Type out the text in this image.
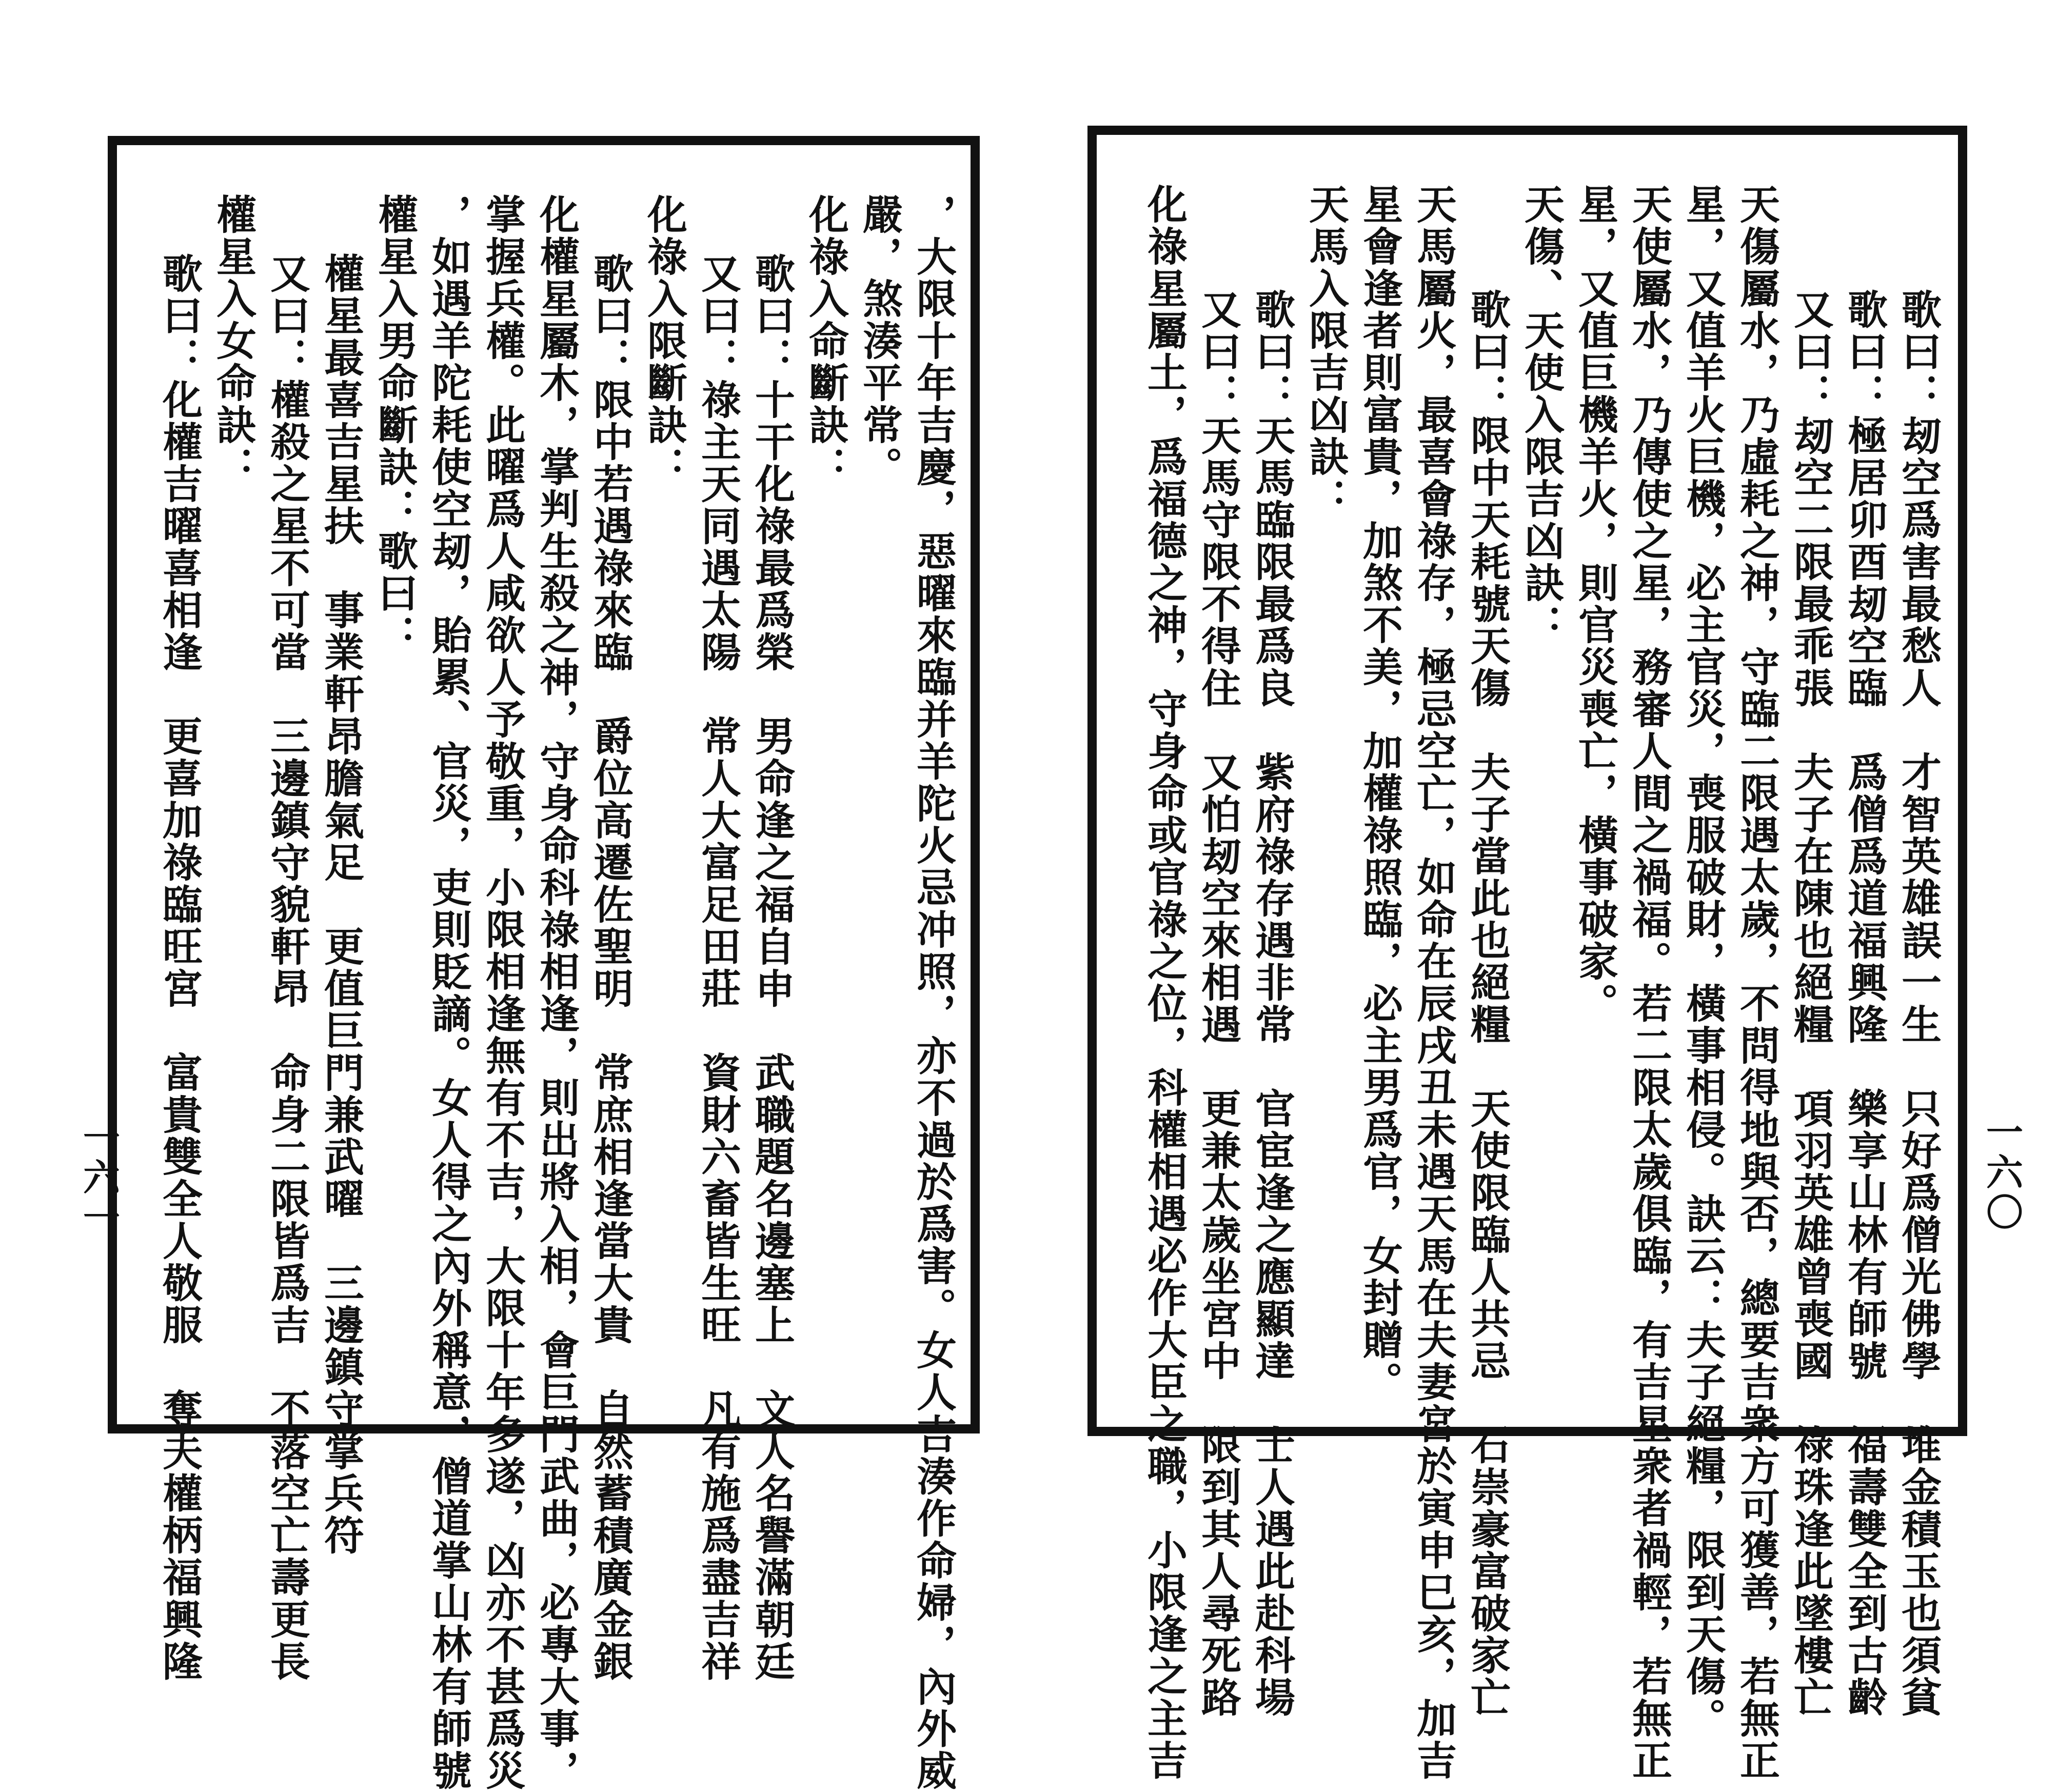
，大限十年吉慶，惡曜來臨并羊陀火忌冲照，亦不過於爲害。女人吉湊作命婦，內外威
嚴，煞湊平常。
化祿入命斷訣：
歌曰：十干化祿最爲榮　男命逢之福自申　武職題名邊塞上　文人名譽滿朝廷
又曰：祿主天同遇太陽　常人大富足田莊　資財六畜皆生旺　凡有施爲盡吉祥
化祿入限斷訣：
歌曰：限中若遇祿來臨　爵位高遷佐聖明　常庶相逢當大貴　自然蓄積廣金銀
化權星屬木，掌判生殺之神，守身命科祿相逢，則出將入相，會巨門武曲，必專大事，
掌握兵權。此曜爲人咸欲人予敬重，小限相逢無有不吉，大限十年多遂，凶亦不甚爲災
，如遇羊陀耗使空刼，貽累、官災，吏則貶謫。女人得之內外稱意，僧道掌山林有師號
權星入男命斷訣：歌曰：
權星最喜吉星扶　事業軒昂膽氣足　更值巨門兼武曜　三邊鎮守掌兵符
又曰：權殺之星不可當　三邊鎮守貌軒昂　命身二限皆爲吉　不落空亡壽更長
權星入女命訣：
歌曰：化權吉曜喜相逢　更喜加祿臨旺宮　富貴雙全人敬服　奪夫權柄福興隆
一六一	歌曰：刼空爲害最愁人　才智英雄誤一生　只好爲僧光佛學　堆金積玉也須貧
歌曰：極居卯酉刼空臨　爲僧爲道福興隆　樂享山林有師號　福壽雙全到古齡
又曰：刼空二限最乖張　夫子在陳也絕糧　項羽英雄曾喪國　祿珠逢此墜樓亡
天傷屬水，乃虛耗之神，守臨二限遇太歲，不問得地與否，總要吉衆方可獲善，若無正
星，又值羊火巨機，必主官災，喪服破財，橫事相侵。訣云：夫子絕糧，限到天傷。
天使屬水，乃傳使之星，務審人間之禍福。若二限太歲俱臨，有吉星衆者禍輕，若無正
星，又值巨機羊火，則官災喪亡，橫事破家。
天傷、天使入限吉凶訣：
歌曰：限中天耗號天傷　夫子當此也絕糧　天使限臨人共忌　石崇豪富破家亡
天馬屬火，最喜會祿存，極忌空亡，如命在辰戌丑未遇天馬在夫妻宮於寅申巳亥，加吉
星會逢者則富貴，加煞不美，加權祿照臨，必主男爲官，女封贈。
天馬入限吉凶訣：
歌曰：天馬臨限最爲良　紫府祿存遇非常　官宦逢之應顯達　士人遇此赴科場
又曰：天馬守限不得住　又怕刼空來相遇　更兼太歲坐宮中　限到其人尋死路
化祿星屬土，爲福德之神，守身命或官祿之位，科權相遇必作大臣之職，小限逢之主吉	一六〇
